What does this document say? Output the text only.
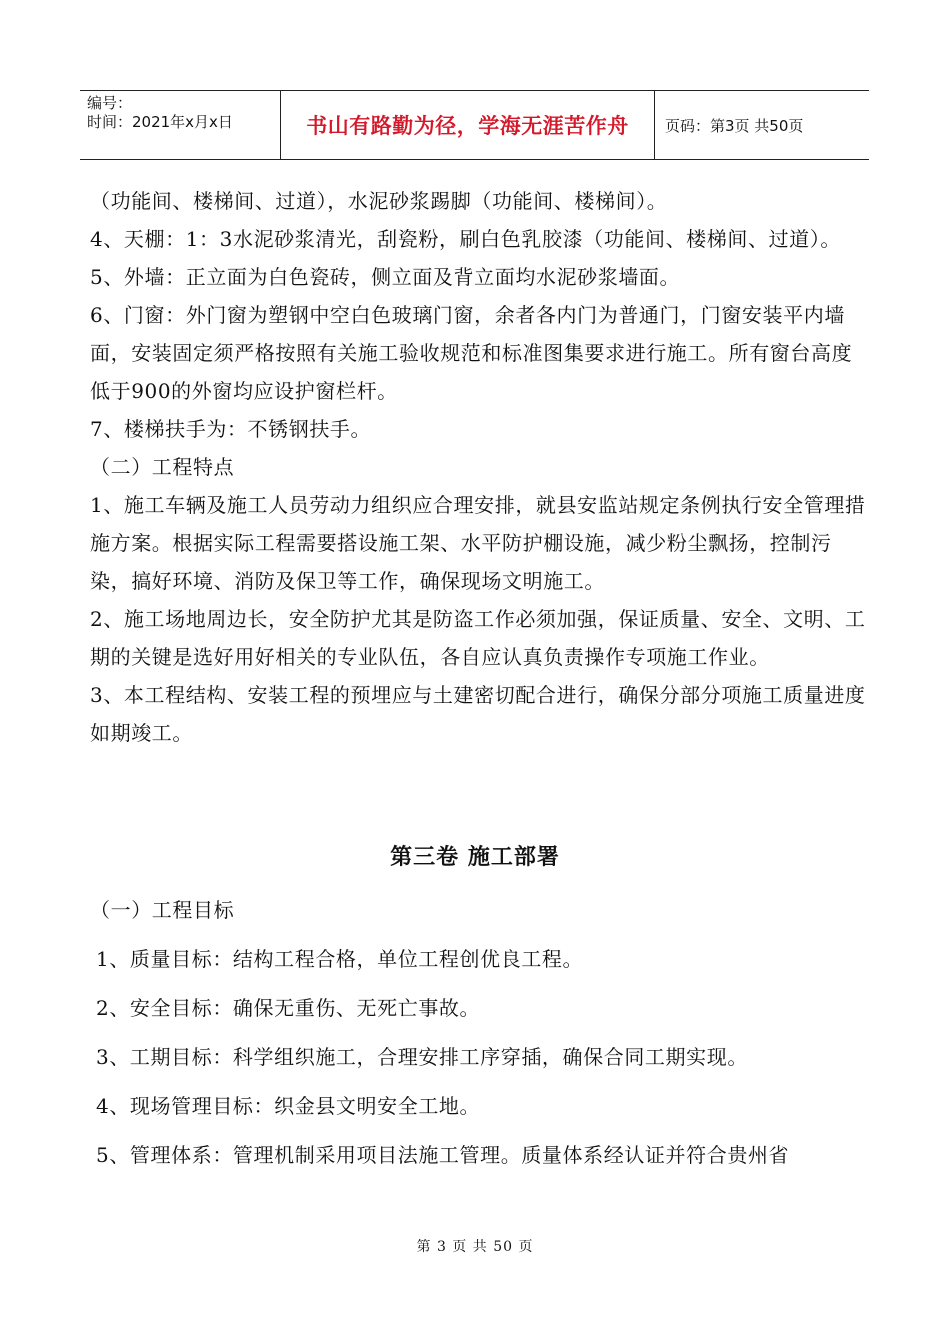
编号：
时间：2021年x月x日	书山有路勤为径，学海无涯苦作舟	页码：第3页 共50页

（功能间、楼梯间、过道），水泥砂浆踢脚（功能间、楼梯间）。

4、天棚：1：3水泥砂浆清光，刮瓷粉，刷白色乳胶漆（功能间、楼梯间、过道）。

5、外墙：正立面为白色瓷砖，侧立面及背立面均水泥砂浆墙面。

6、门窗：外门窗为塑钢中空白色玻璃门窗，余者各内门为普通门，门窗安装平内墙面，安装固定须严格按照有关施工验收规范和标准图集要求进行施工。所有窗台高度低于900的外窗均应设护窗栏杆。

7、楼梯扶手为：不锈钢扶手。

（二）工程特点

1、施工车辆及施工人员劳动力组织应合理安排，就县安监站规定条例执行安全管理措施方案。根据实际工程需要搭设施工架、水平防护棚设施，减少粉尘飘扬，控制污染，搞好环境、消防及保卫等工作，确保现场文明施工。

2、施工场地周边长，安全防护尤其是防盗工作必须加强，保证质量、安全、文明、工期的关键是选好用好相关的专业队伍，各自应认真负责操作专项施工作业。

3、本工程结构、安装工程的预埋应与土建密切配合进行，确保分部分项施工质量进度如期竣工。

第三卷 施工部署

（一）工程目标

1、质量目标：结构工程合格，单位工程创优良工程。

2、安全目标：确保无重伤、无死亡事故。

3、工期目标：科学组织施工，合理安排工序穿插，确保合同工期实现。

4、现场管理目标：织金县文明安全工地。

5、管理体系：管理机制采用项目法施工管理。质量体系经认证并符合贵州省

第 3 页 共 50 页
